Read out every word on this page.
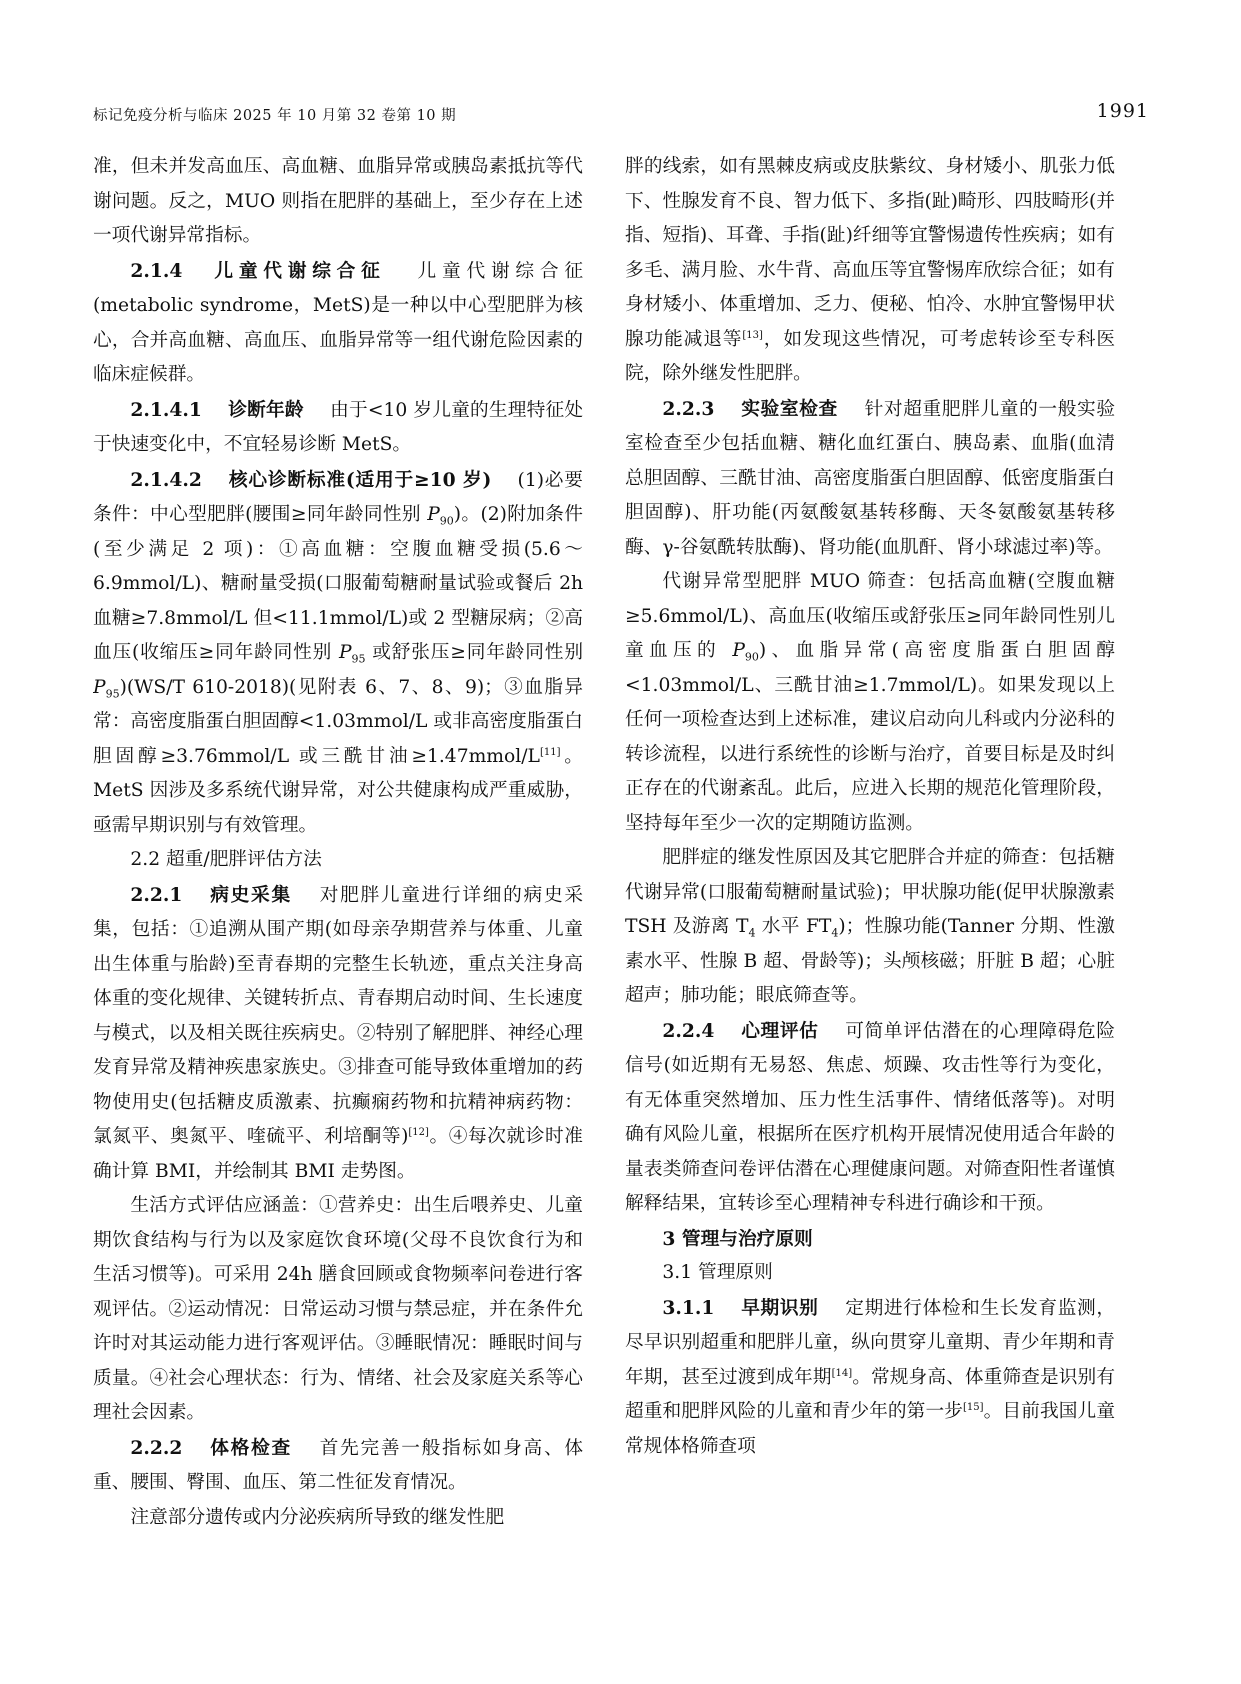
标记免疫分析与临床 2025 年 10 月第 32 卷第 10 期	1991

准，但未并发高血压、高血糖、血脂异常或胰岛素抵抗等代谢问题。反之，MUO 则指在肥胖的基础上，至少存在上述一项代谢异常指标。

2.1.4 儿童代谢综合征 儿童代谢综合征(metabolic syndrome，MetS)是一种以中心型肥胖为核心，合并高血糖、高血压、血脂异常等一组代谢危险因素的临床症候群。

2.1.4.1 诊断年龄 由于<10 岁儿童的生理特征处于快速变化中，不宜轻易诊断 MetS。

2.1.4.2 核心诊断标准(适用于≥10 岁) (1)必要条件：中心型肥胖(腰围≥同年龄同性别 $P_{90}$)。(2)附加条件(至少满足 2 项)：①高血糖：空腹血糖受损(5.6～6.9mmol/L)、糖耐量受损(口服葡萄糖耐量试验或餐后 2h 血糖≥7.8mmol/L 但<11.1mmol/L)或 2 型糖尿病；②高血压(收缩压≥同年龄同性别 $P_{95}$ 或舒张压≥同年龄同性别 $P_{95})(WS/T$ 610-2018)(见附表 6、7、8、9)；③血脂异常：高密度脂蛋白胆固醇<1.03mmol/L 或非高密度脂蛋白胆固醇≥3.76mmol/L 或三酰甘油≥1.47mmol/L[11]。MetS 因涉及多系统代谢异常，对公共健康构成严重威胁，亟需早期识别与有效管理。

2.2 超重/肥胖评估方法

2.2.1 病史采集 对肥胖儿童进行详细的病史采集，包括：①追溯从围产期(如母亲孕期营养与体重、儿童出生体重与胎龄)至青春期的完整生长轨迹，重点关注身高体重的变化规律、关键转折点、青春期启动时间、生长速度与模式，以及相关既往疾病史。②特别了解肥胖、神经心理发育异常及精神疾患家族史。③排查可能导致体重增加的药物使用史(包括糖皮质激素、抗癫痫药物和抗精神病药物：氯氮平、奥氮平、喹硫平、利培酮等)[12]。④每次就诊时准确计算 BMI，并绘制其 BMI 走势图。

生活方式评估应涵盖：①营养史：出生后喂养史、儿童期饮食结构与行为以及家庭饮食环境(父母不良饮食行为和生活习惯等)。可采用 24h 膳食回顾或食物频率问卷进行客观评估。②运动情况：日常运动习惯与禁忌症，并在条件允许时对其运动能力进行客观评估。③睡眠情况：睡眠时间与质量。④社会心理状态：行为、情绪、社会及家庭关系等心理社会因素。

2.2.2 体格检查 首先完善一般指标如身高、体重、腰围、臀围、血压、第二性征发育情况。

注意部分遗传或内分泌疾病所导致的继发性肥

胖的线索，如有黑棘皮病或皮肤紫纹、身材矮小、肌张力低下、性腺发育不良、智力低下、多指(趾)畸形、四肢畸形(并指、短指)、耳聋、手指(趾)纤细等宜警惕遗传性疾病；如有多毛、满月脸、水牛背、高血压等宜警惕库欣综合征；如有身材矮小、体重增加、乏力、便秘、怕冷、水肿宜警惕甲状腺功能减退等[13]，如发现这些情况，可考虑转诊至专科医院，除外继发性肥胖。

2.2.3 实验室检查 针对超重肥胖儿童的一般实验室检查至少包括血糖、糖化血红蛋白、胰岛素、血脂(血清总胆固醇、三酰甘油、高密度脂蛋白胆固醇、低密度脂蛋白胆固醇)、肝功能(丙氨酸氨基转移酶、天冬氨酸氨基转移酶、γ-谷氨酰转肽酶)、肾功能(血肌酐、肾小球滤过率)等。

代谢异常型肥胖 MUO 筛查：包括高血糖(空腹血糖≥5.6mmol/L)、高血压(收缩压或舒张压≥同年龄同性别儿童血压的 $P_{90}$)、血脂异常(高密度脂蛋白胆固醇<1.03mmol/L、三酰甘油≥1.7mmol/L)。如果发现以上任何一项检查达到上述标准，建议启动向儿科或内分泌科的转诊流程，以进行系统性的诊断与治疗，首要目标是及时纠正存在的代谢紊乱。此后，应进入长期的规范化管理阶段，坚持每年至少一次的定期随访监测。

肥胖症的继发性原因及其它肥胖合并症的筛查：包括糖代谢异常(口服葡萄糖耐量试验)；甲状腺功能(促甲状腺激素 TSH 及游离 $T_4$ 水平 $FT_4$)；性腺功能(Tanner 分期、性激素水平、性腺 B 超、骨龄等)；头颅核磁；肝脏 B 超；心脏超声；肺功能；眼底筛查等。

2.2.4 心理评估 可简单评估潜在的心理障碍危险信号(如近期有无易怒、焦虑、烦躁、攻击性等行为变化，有无体重突然增加、压力性生活事件、情绪低落等)。对明确有风险儿童，根据所在医疗机构开展情况使用适合年龄的量表类筛查问卷评估潜在心理健康问题。对筛查阳性者谨慎解释结果，宜转诊至心理精神专科进行确诊和干预。

3 管理与治疗原则

3.1 管理原则

3.1.1 早期识别 定期进行体检和生长发育监测，尽早识别超重和肥胖儿童，纵向贯穿儿童期、青少年期和青年期，甚至过渡到成年期[14]。常规身高、体重筛查是识别有超重和肥胖风险的儿童和青少年的第一步[15]。目前我国儿童常规体格筛查项
